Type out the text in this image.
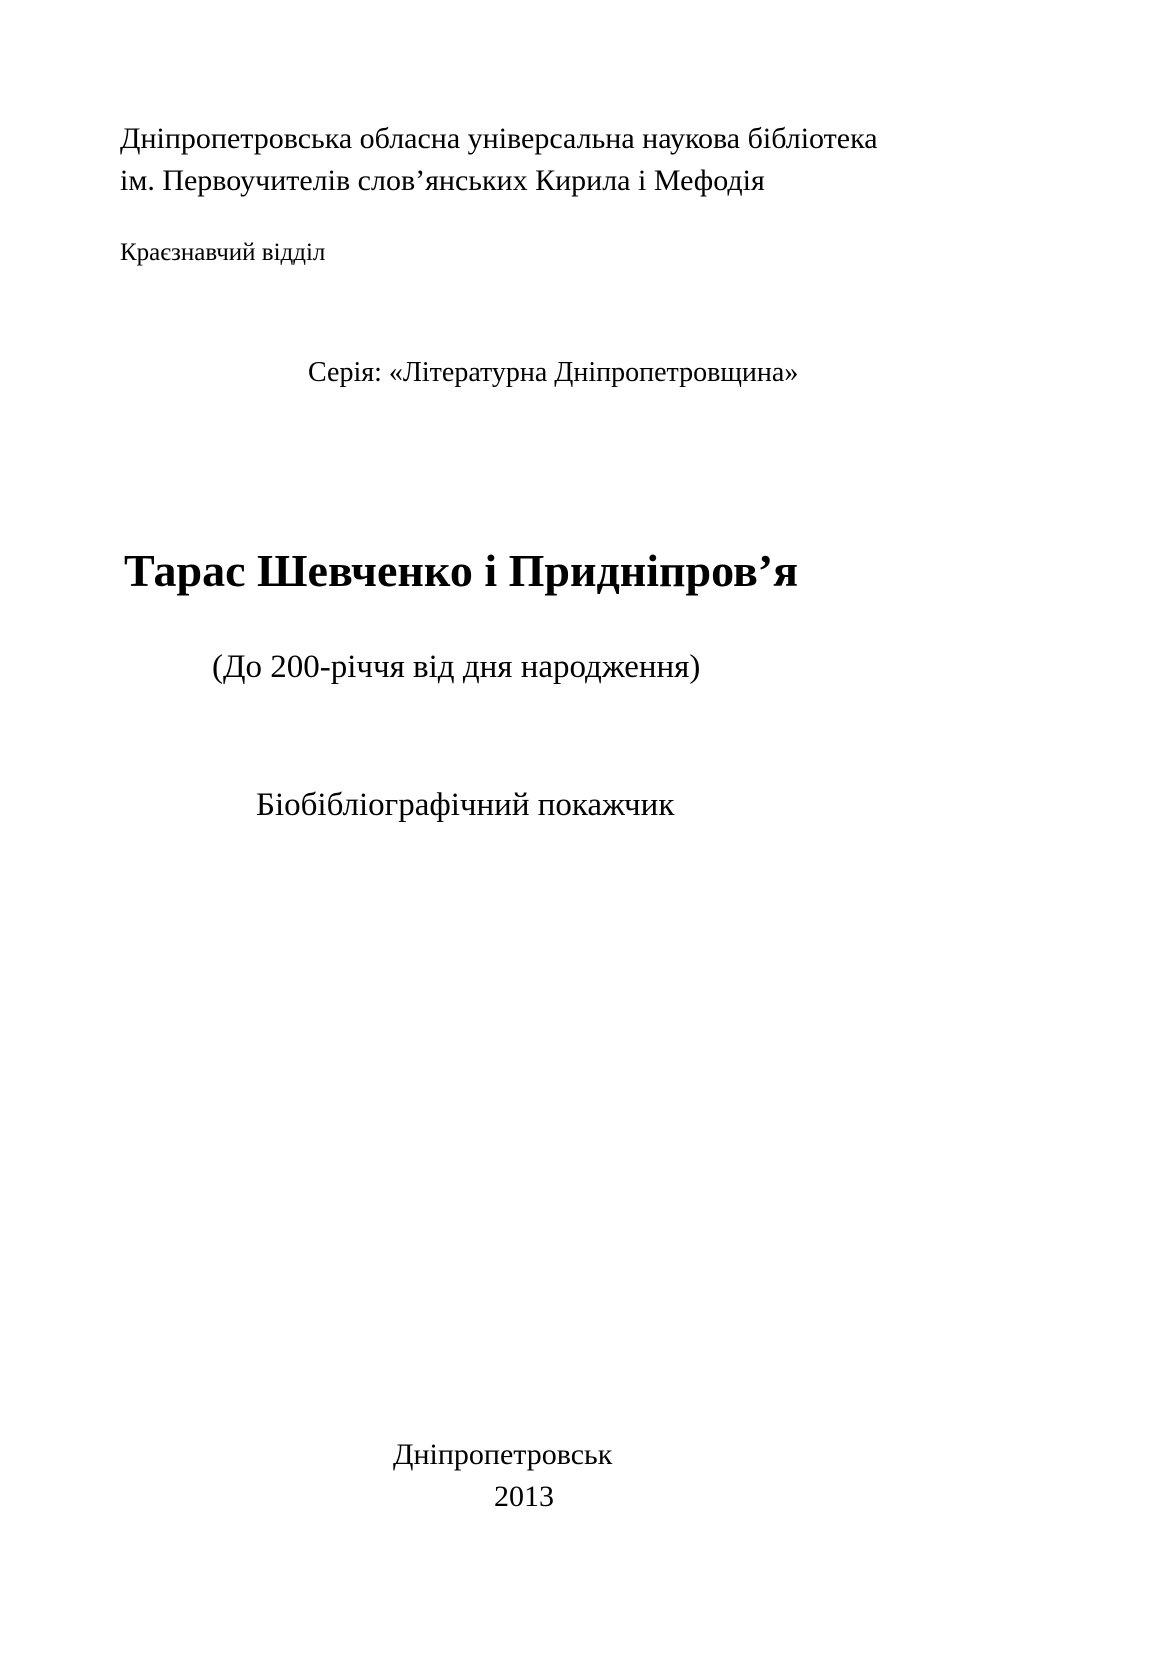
Дніпропетровська обласна універсальна наукова бібліотека
ім. Первоучителів слов’янських Кирила і Мефодія
Краєзнавчий відділ
Серія: «Літературна Дніпропетровщина»
Тарас Шевченко і Придніпров’я
(До 200-річчя від дня народження)
Біобібліографічний покажчик
Дніпропетровськ
2013
